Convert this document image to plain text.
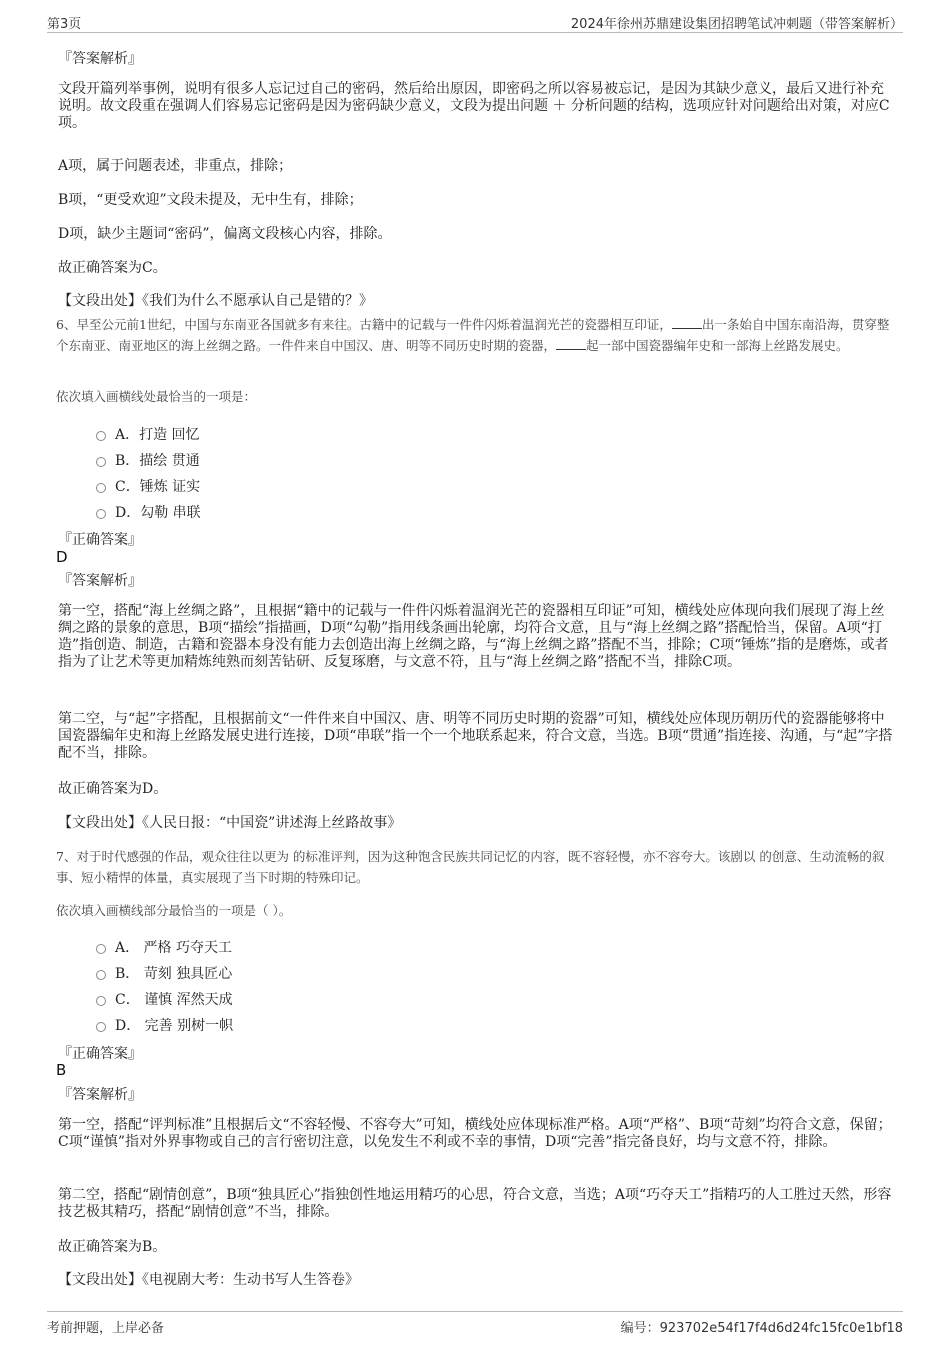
第3页	2024年徐州苏鼎建设集团招聘笔试冲刺题（带答案解析）
『答案解析』
文段开篇列举事例，说明有很多人忘记过自己的密码，然后给出原因，即密码之所以容易被忘记，是因为其缺少意义，最后又进行补充说明。故文段重在强调人们容易忘记密码是因为密码缺少意义，文段为提出问题 ＋ 分析问题的结构，选项应针对问题给出对策，对应C项。
A项，属于问题表述，非重点，排除；
B项，“更受欢迎”文段未提及，无中生有，排除；
D项，缺少主题词“密码”，偏离文段核心内容，排除。
故正确答案为C。
【文段出处】《我们为什么不愿承认自己是错的？》
6、早至公元前1世纪，中国与东南亚各国就多有来往。古籍中的记载与一件件闪烁着温润光芒的瓷器相互印证， 出一条始自中国东南沿海，贯穿整个东南亚、南亚地区的海上丝绸之路。一件件来自中国汉、唐、明等不同历史时期的瓷器， 起一部中国瓷器编年史和一部海上丝路发展史。
依次填入画横线处最恰当的一项是：
A．打造 回忆
B．描绘 贯通
C．锤炼 证实
D．勾勒 串联
『正确答案』
D
『答案解析』
第一空，搭配“海上丝绸之路”，且根据“籍中的记载与一件件闪烁着温润光芒的瓷器相互印证”可知，横线处应体现向我们展现了海上丝绸之路的景象的意思，B项“描绘”指描画，D项“勾勒”指用线条画出轮廓，均符合文意，且与“海上丝绸之路”搭配恰当，保留。A项“打造”指创造、制造，古籍和瓷器本身没有能力去创造出海上丝绸之路，与“海上丝绸之路”搭配不当，排除；C项“锤炼”指的是磨炼，或者指为了让艺术等更加精炼纯熟而刻苦钻研、反复琢磨，与文意不符，且与“海上丝绸之路”搭配不当，排除C项。
第二空，与“起”字搭配，且根据前文“一件件来自中国汉、唐、明等不同历史时期的瓷器”可知，横线处应体现历朝历代的瓷器能够将中国瓷器编年史和海上丝路发展史进行连接，D项“串联”指一个一个地联系起来，符合文意，当选。B项“贯通”指连接、沟通，与“起”字搭配不当，排除。
故正确答案为D。
【文段出处】《人民日报：“中国瓷”讲述海上丝路故事》
7、对于时代感强的作品，观众往往以更为 的标准评判，因为这种饱含民族共同记忆的内容，既不容轻慢，亦不容夸大。该剧以 的创意、生动流畅的叙事、短小精悍的体量，真实展现了当下时期的特殊印记。
依次填入画横线部分最恰当的一项是（ ）。
A． 严格 巧夺天工
B． 苛刻 独具匠心
C． 谨慎 浑然天成
D． 完善 别树一帜
『正确答案』
B
『答案解析』
第一空，搭配“评判标准”且根据后文“不容轻慢、不容夸大”可知，横线处应体现标准严格。A项“严格”、B项“苛刻”均符合文意，保留；C项“谨慎”指对外界事物或自己的言行密切注意，以免发生不利或不幸的事情，D项“完善”指完备良好，均与文意不符，排除。
第二空，搭配“剧情创意”，B项“独具匠心”指独创性地运用精巧的心思，符合文意，当选；A项“巧夺天工”指精巧的人工胜过天然，形容技艺极其精巧，搭配“剧情创意”不当，排除。
故正确答案为B。
【文段出处】《电视剧大考：生动书写人生答卷》
考前押题，上岸必备	编号：923702e54f17f4d6d24fc15fc0e1bf18
